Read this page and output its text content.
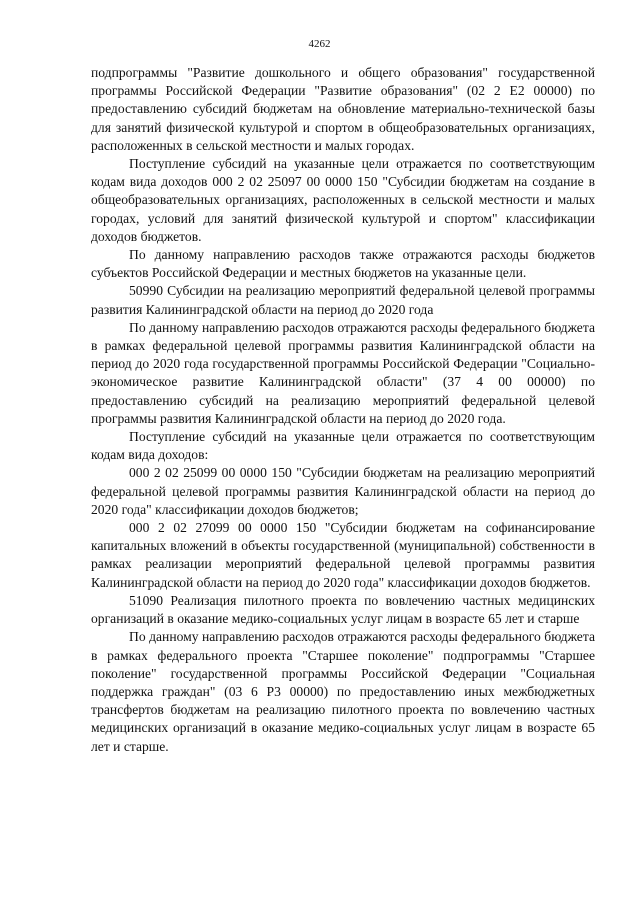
4262

подпрограммы "Развитие дошкольного и общего образования" государственной программы Российской Федерации "Развитие образования" (02 2 Е2 00000) по предоставлению субсидий бюджетам на обновление материально-технической базы для занятий физической культурой и спортом в общеобразовательных организациях, расположенных в сельской местности и малых городах.

Поступление субсидий на указанные цели отражается по соответствующим кодам вида доходов 000 2 02 25097 00 0000 150 "Субсидии бюджетам на создание в общеобразовательных организациях, расположенных в сельской местности и малых городах, условий для занятий физической культурой и спортом" классификации доходов бюджетов.

По данному направлению расходов также отражаются расходы бюджетов субъектов Российской Федерации и местных бюджетов на указанные цели.

50990 Субсидии на реализацию мероприятий федеральной целевой программы развития Калининградской области на период до 2020 года

По данному направлению расходов отражаются расходы федерального бюджета в рамках федеральной целевой программы развития Калининградской области на период до 2020 года государственной программы Российской Федерации "Социально-экономическое развитие Калининградской области" (37 4 00 00000) по предоставлению субсидий на реализацию мероприятий федеральной целевой программы развития Калининградской области на период до 2020 года.

Поступление субсидий на указанные цели отражается по соответствующим кодам вида доходов:

000 2 02 25099 00 0000 150 "Субсидии бюджетам на реализацию мероприятий федеральной целевой программы развития Калининградской области на период до 2020 года" классификации доходов бюджетов;

000 2 02 27099 00 0000 150 "Субсидии бюджетам на софинансирование капитальных вложений в объекты государственной (муниципальной) собственности в рамках реализации мероприятий федеральной целевой программы развития Калининградской области на период до 2020 года" классификации доходов бюджетов.

51090 Реализация пилотного проекта по вовлечению частных медицинских организаций в оказание медико-социальных услуг лицам в возрасте 65 лет и старше

По данному направлению расходов отражаются расходы федерального бюджета в рамках федерального проекта "Старшее поколение" подпрограммы "Старшее поколение" государственной программы Российской Федерации "Социальная поддержка граждан" (03 6 Р3 00000) по предоставлению иных межбюджетных трансфертов бюджетам на реализацию пилотного проекта по вовлечению частных медицинских организаций в оказание медико-социальных услуг лицам в возрасте 65 лет и старше.
